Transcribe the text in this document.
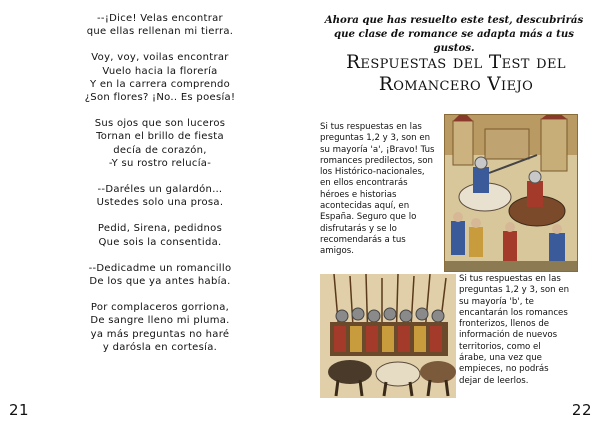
--¡Dice! Velas encontrar
que ellas rellenan mi tierra.
Voy, voy, voilas encontrar
Vuelo hacia la florería
Y en la carrera comprendo
¿Son flores? ¡No.. Es poesía!
Sus ojos que son luceros
Tornan el brillo de fiesta
decía de corazón,
-Y su rostro relucía-
--Daréles un galardón…
Ustedes solo una prosa.
Pedid, Sirena, pedidnos
Que sois la consentida.
--Dedicadme un romancillo
De los que ya antes había.
Por complaceros gorriona,
De sangre lleno mi pluma.
ya más preguntas no haré
y darósla en cortesía.
21
Ahora que has resuelto este test, descubrirás que clase de romance se adapta más a tus gustos.
Respuestas del Test del
Romancero Viejo
Si tus respuestas en las
preguntas 1,2 y 3, son en
su mayoría 'a', ¡Bravo! Tus
romances predilectos, son
los Histórico-nacionales,
en ellos encontrarás
héroes e historias
acontecidas aquí, en
España. Seguro que lo
disfrutarás y se lo
recomendarás a tus
amigos.
Si tus respuestas en las
preguntas 1,2 y 3, son en
su mayoría 'b', te
encantarán los romances
fronterizos, llenos de
información de nuevos
territorios, como el
árabe, una vez que
empieces, no podrás
dejar de leerlos.
22
